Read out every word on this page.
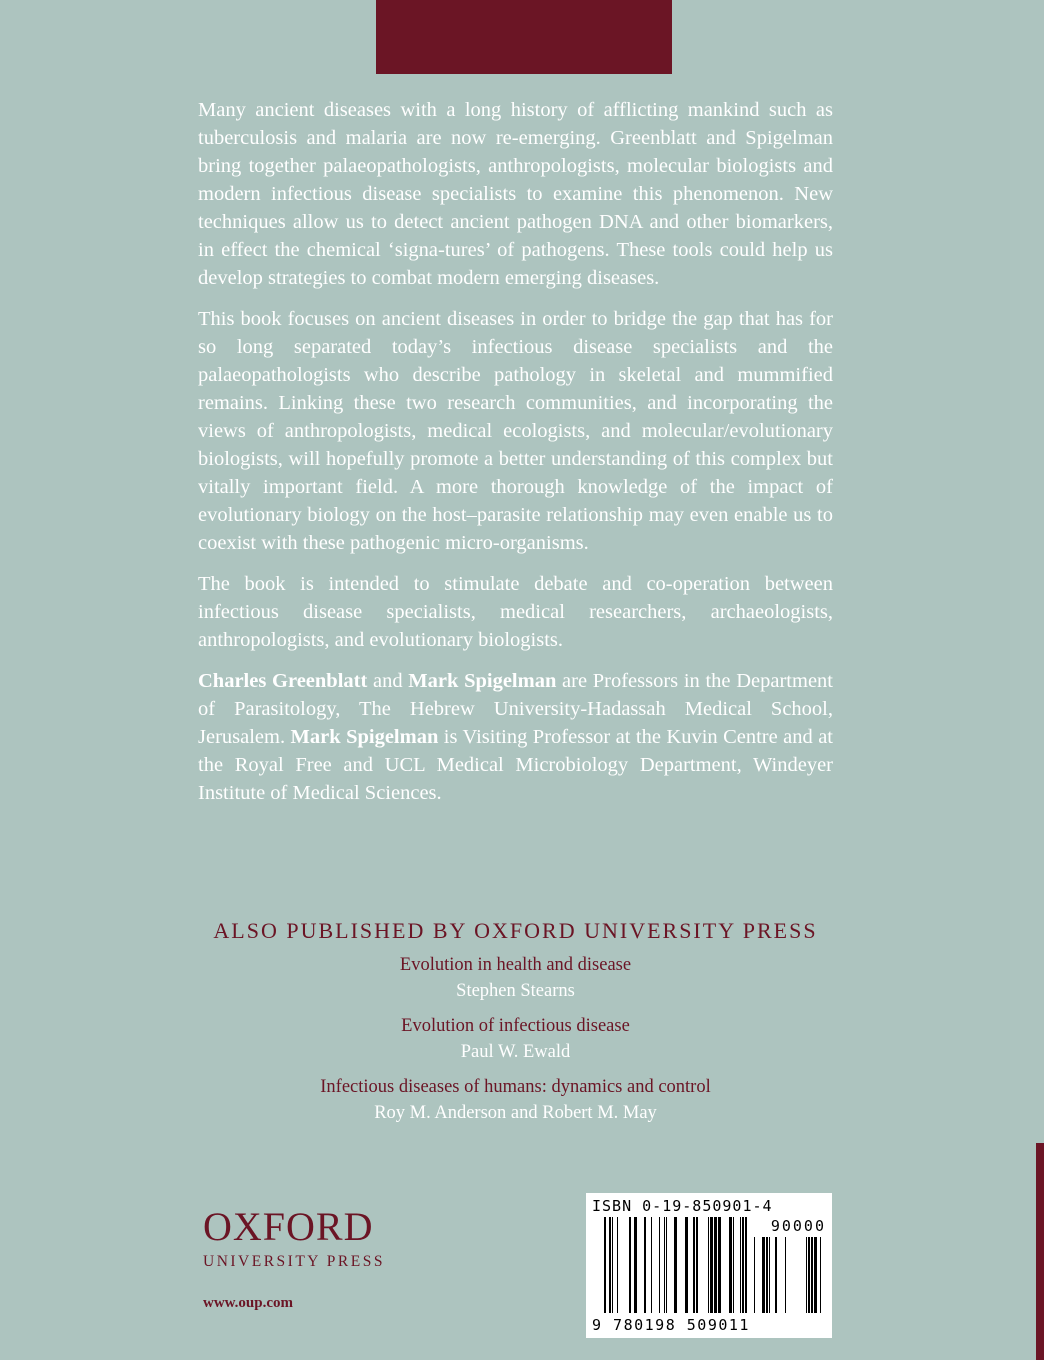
Many ancient diseases with a long history of afflicting mankind such as tuberculosis and malaria are now re-emerging. Greenblatt and Spigelman bring together palaeopathologists, anthropologists, molecular biologists and modern infectious disease specialists to examine this phenomenon. New techniques allow us to detect ancient pathogen DNA and other biomarkers, in effect the chemical ‘signa-tures’ of pathogens. These tools could help us develop strategies to combat modern emerging diseases.

This book focuses on ancient diseases in order to bridge the gap that has for so long separated today’s infectious disease specialists and the palaeopathologists who describe pathology in skeletal and mummified remains. Linking these two research communities, and incorporating the views of anthropologists, medical ecologists, and molecular/evolutionary biologists, will hopefully promote a better understanding of this complex but vitally important field. A more thorough knowledge of the impact of evolutionary biology on the host–parasite relationship may even enable us to coexist with these pathogenic micro-organisms.

The book is intended to stimulate debate and co-operation between infectious disease specialists, medical researchers, archaeologists, anthropologists, and evolutionary biologists.

Charles Greenblatt and Mark Spigelman are Professors in the Department of Parasitology, The Hebrew University-Hadassah Medical School, Jerusalem. Mark Spigelman is Visiting Professor at the Kuvin Centre and at the Royal Free and UCL Medical Microbiology Department, Windeyer Institute of Medical Sciences.

ALSO PUBLISHED BY OXFORD UNIVERSITY PRESS
Evolution in health and disease
Stephen Stearns
Evolution of infectious disease
Paul W. Ewald
Infectious diseases of humans: dynamics and control
Roy M. Anderson and Robert M. May
OXFORD
UNIVERSITY PRESS
www.oup.com
ISBN 0-19-850901-4
90000
9 780198 509011
